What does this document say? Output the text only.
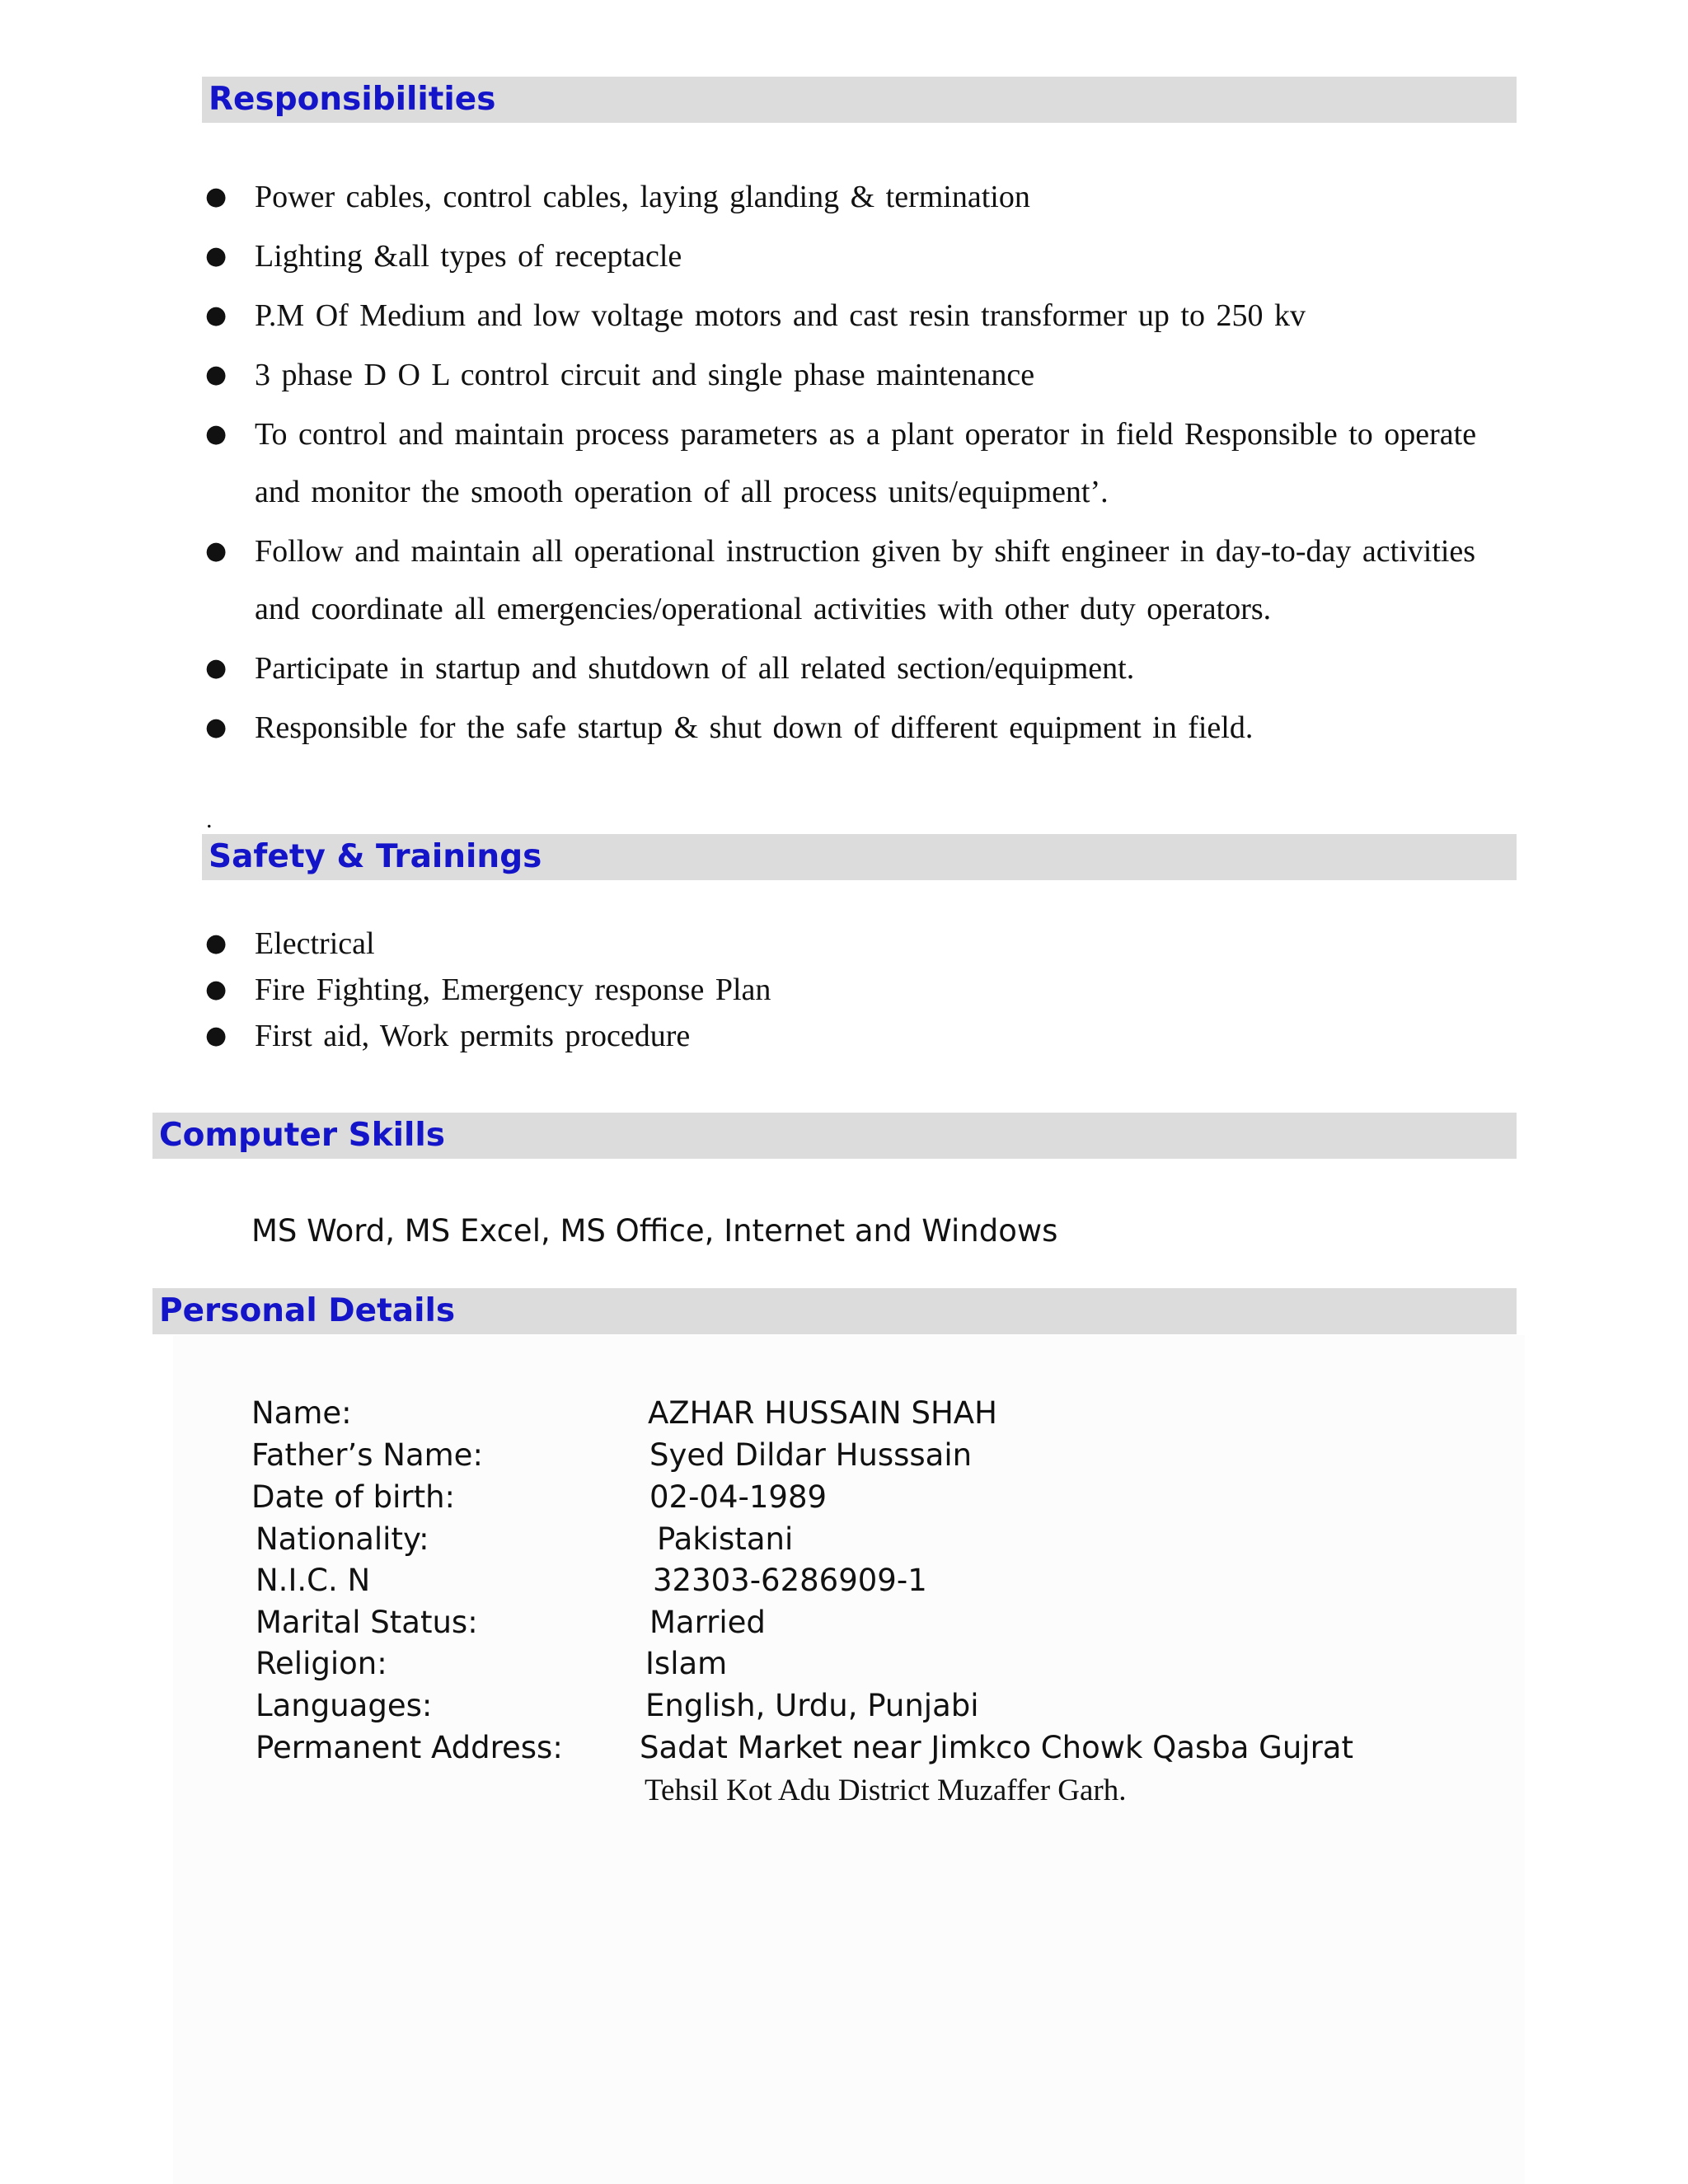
Responsibilities
● Power cables, control cables, laying glanding & termination
● Lighting &all types of receptacle
● P.M Of Medium and low voltage motors and cast resin transformer up to 250 kv
● 3 phase D O L control circuit and single phase maintenance
● To control and maintain process parameters as a plant operator in field Responsible to operate and monitor the smooth operation of all process units/equipment’.
● Follow and maintain all operational instruction given by shift engineer in day-to-day activities and coordinate all emergencies/operational activities with other duty operators.
● Participate in startup and shutdown of all related section/equipment.
● Responsible for the safe startup & shut down of different equipment in field.
.
Safety & Trainings
● Electrical
● Fire Fighting, Emergency response Plan
● First aid, Work permits procedure
Computer Skills
MS Word, MS Excel, MS Office, Internet and Windows
Personal Details
Name:	AZHAR HUSSAIN SHAH
Father’s Name:	Syed Dildar Husssain
Date of birth:	02-04-1989
Nationality:	Pakistani
N.I.C. N	32303-6286909-1
Marital Status:	Married
Religion:	Islam
Languages:	English, Urdu, Punjabi
Permanent Address:	Sadat Market near Jimkco Chowk Qasba Gujrat
Tehsil Kot Adu District Muzaffer Garh.
